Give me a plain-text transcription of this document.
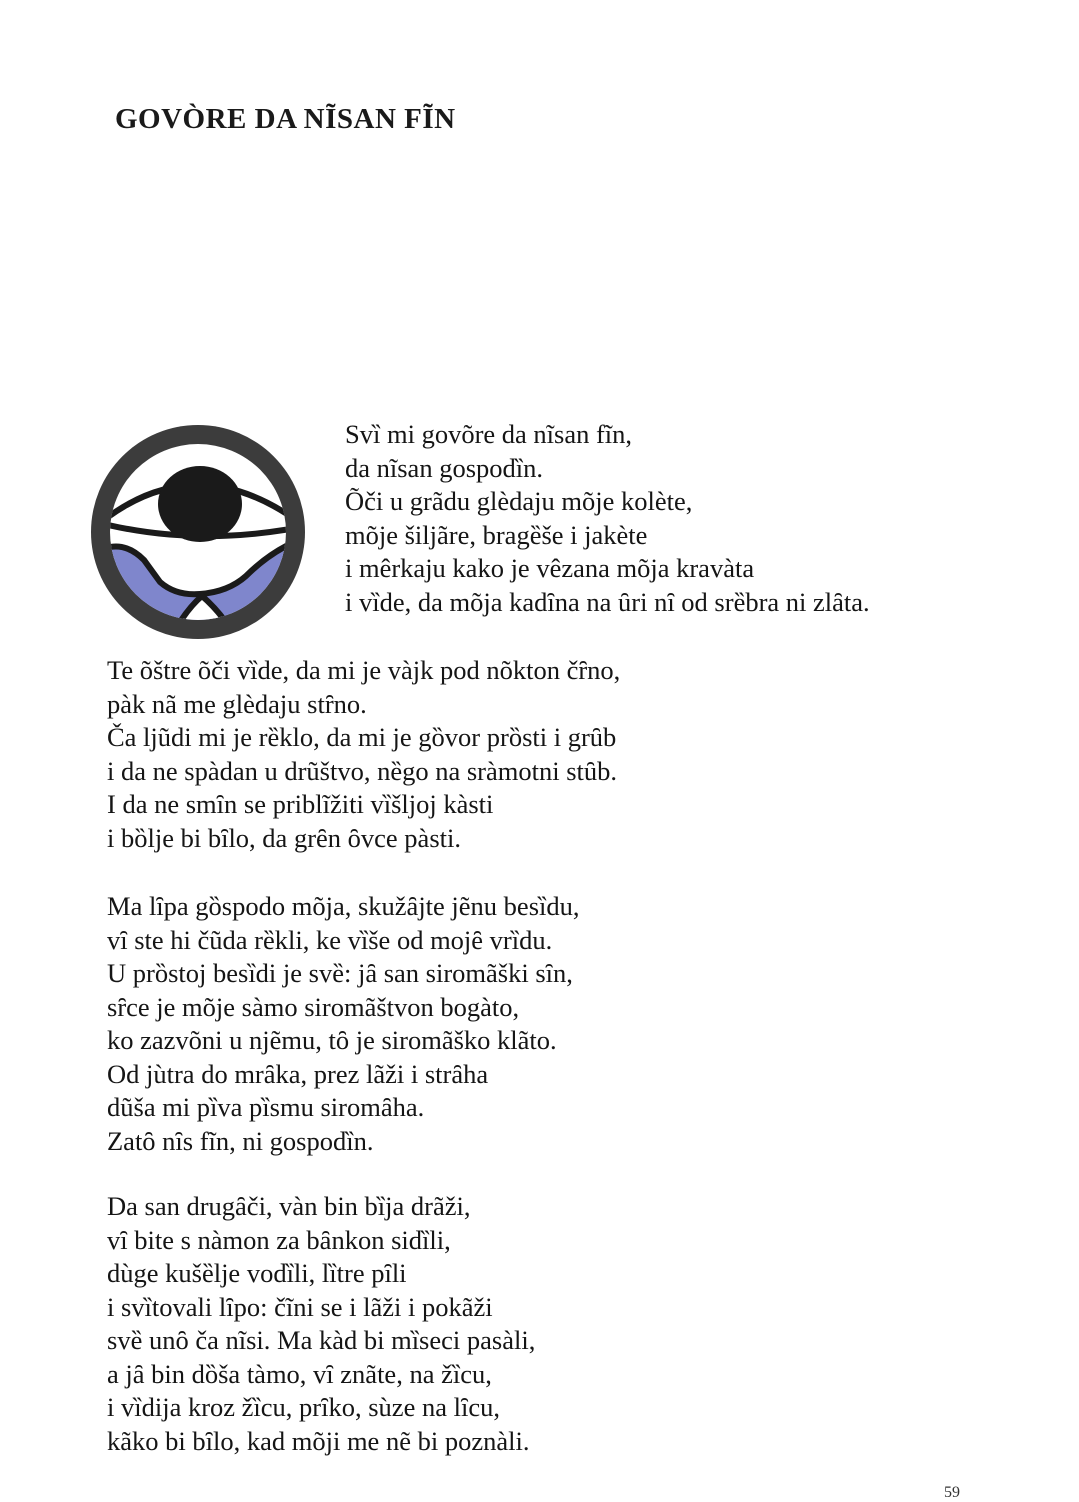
GOVÒRE DA NĨSAN FĨN
Svȉ mi govõre da nĩsan fĩn,
da nĩsan gospodȉn.
Õči u grãdu glèdaju mõje kolète,
mõje šiljãre, bragȅše i jakète
i mêrkaju kako je vêzana mõja kravàta
i vȉde, da mõja kadȋna na ȗri nȋ od srȅbra ni zlȃta.
Te õštre õči vȉde, da mi je vàjk pod nõkton čȓno,
pàk nã me glèdaju stȓno.
Ča ljũdi mi je rȅklo, da mi je gȍvor prȍsti i grȗb
i da ne spàdan u drũštvo, nȅgo na sràmotni stȗb.
I da ne smȋn se priblĩžiti vȉšljoj kàsti
i bȍlje bi bȋlo, da grȇn ȏvce pàsti.
Ma lȋpa gȍspodo mõja, skužȃjte jẽnu besȉdu,
vȋ ste hi čũda rȅkli, ke vȉše od mojȇ vrȉdu.
U prȍstoj besȉdi je svȅ: jȃ san siromãški sȋn,
sȓce je mõje sàmo siromãštvon bogàto,
ko zazvõni u njẽmu, tȏ je siromãško klãto.
Od jùtra do mrȃka, prez lãži i strȃha
dũša mi pȉva pȉsmu siromȃha.
Zatȏ nȋs fĩn, ni gospodȉn.
Da san drugȃči, vàn bin bȉja drãži,
vȋ bite s nàmon za bȃnkon sidȉli,
dùge kušȅlje vodȉli, lȉtre pȋli
i svȉtovali lȋpo: čĩni se i lãži i pokãži
svȅ unȏ ča nĩsi. Ma kàd bi mȉseci pasàli,
a jȃ bin dȍša tàmo, vȋ znãte, na žȉcu,
i vȉdija kroz žȉcu, prȋko, sùze na lȋcu,
kãko bi bȋlo, kad mõji me nẽ bi poznàli.
59
